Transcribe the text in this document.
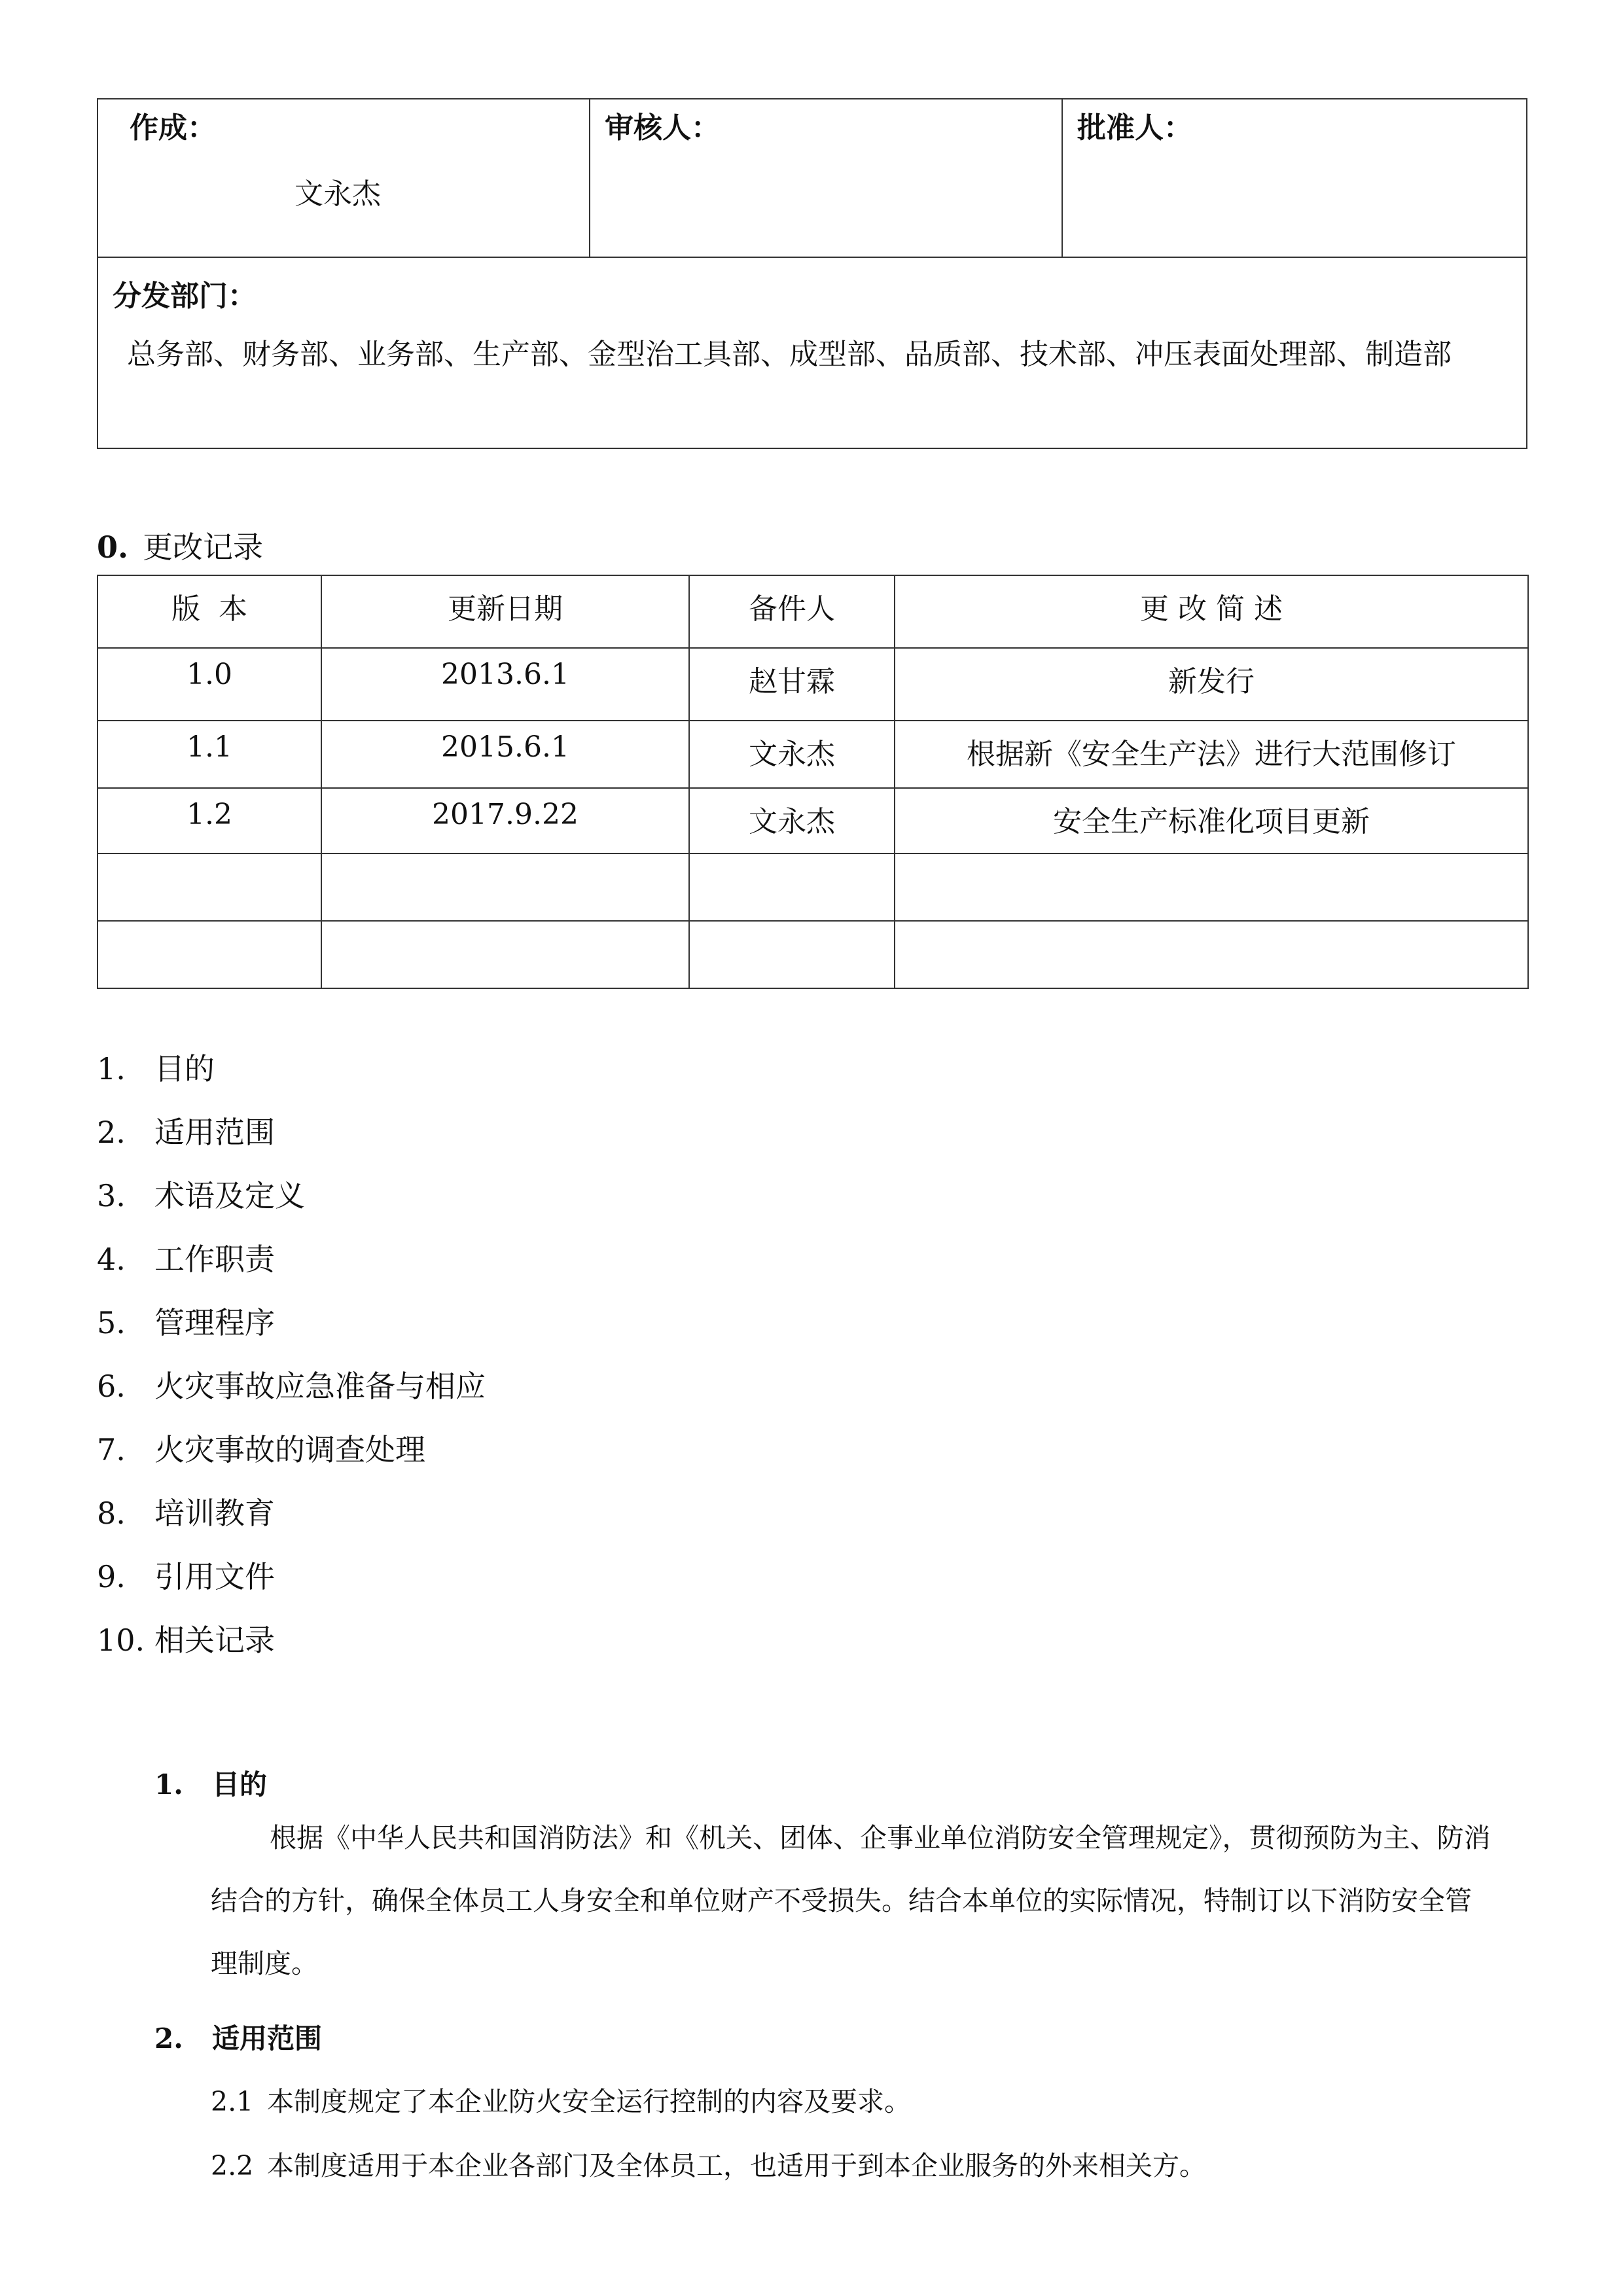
作成：
文永杰

审核人：	批准人：

分发部门：
总务部、财务部、业务部、生产部、金型治工具部、成型部、品质部、技术部、冲压表面处理部、制造部
0. 更改记录
版  本	更新日期	备件人	更 改 简 述
1.0	2013.6.1	赵甘霖	新发行
1.1	2015.6.1	文永杰	根据新《安全生产法》进行大范围修订
1.2	2017.9.22	文永杰	安全生产标准化项目更新

1. 目的
2. 适用范围
3. 术语及定义
4. 工作职责
5. 管理程序
6. 火灾事故应急准备与相应
7. 火灾事故的调查处理
8. 培训教育
9. 引用文件
10. 相关记录
1. 目的
根据《中华人民共和国消防法》和《机关、团体、企事业单位消防安全管理规定》，贯彻预防为主、防消结合的方针，确保全体员工人身安全和单位财产不受损失。结合本单位的实际情况，特制订以下消防安全管理制度。
2. 适用范围
2.1 本制度规定了本企业防火安全运行控制的内容及要求。
2.2 本制度适用于本企业各部门及全体员工，也适用于到本企业服务的外来相关方。
